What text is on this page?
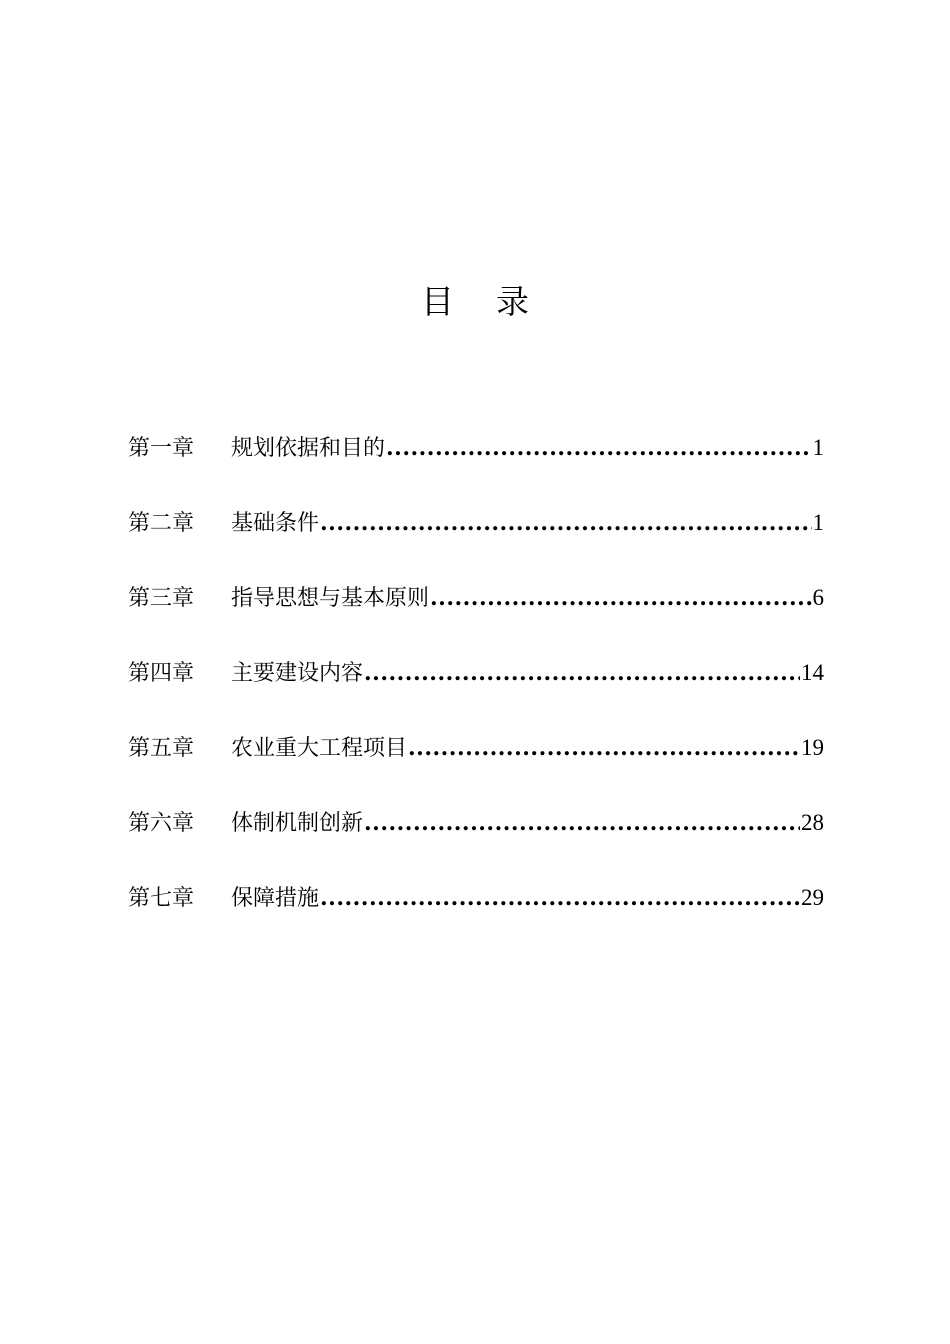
目    录
第一章	规划依据和目的 .....	1
第二章	基础条件 .....	1
第三章	指导思想与基本原则 .....	6
第四章	主要建设内容 .....	14
第五章	农业重大工程项目 .....	19
第六章	体制机制创新 .....	28
第七章	保障措施 .....	29
